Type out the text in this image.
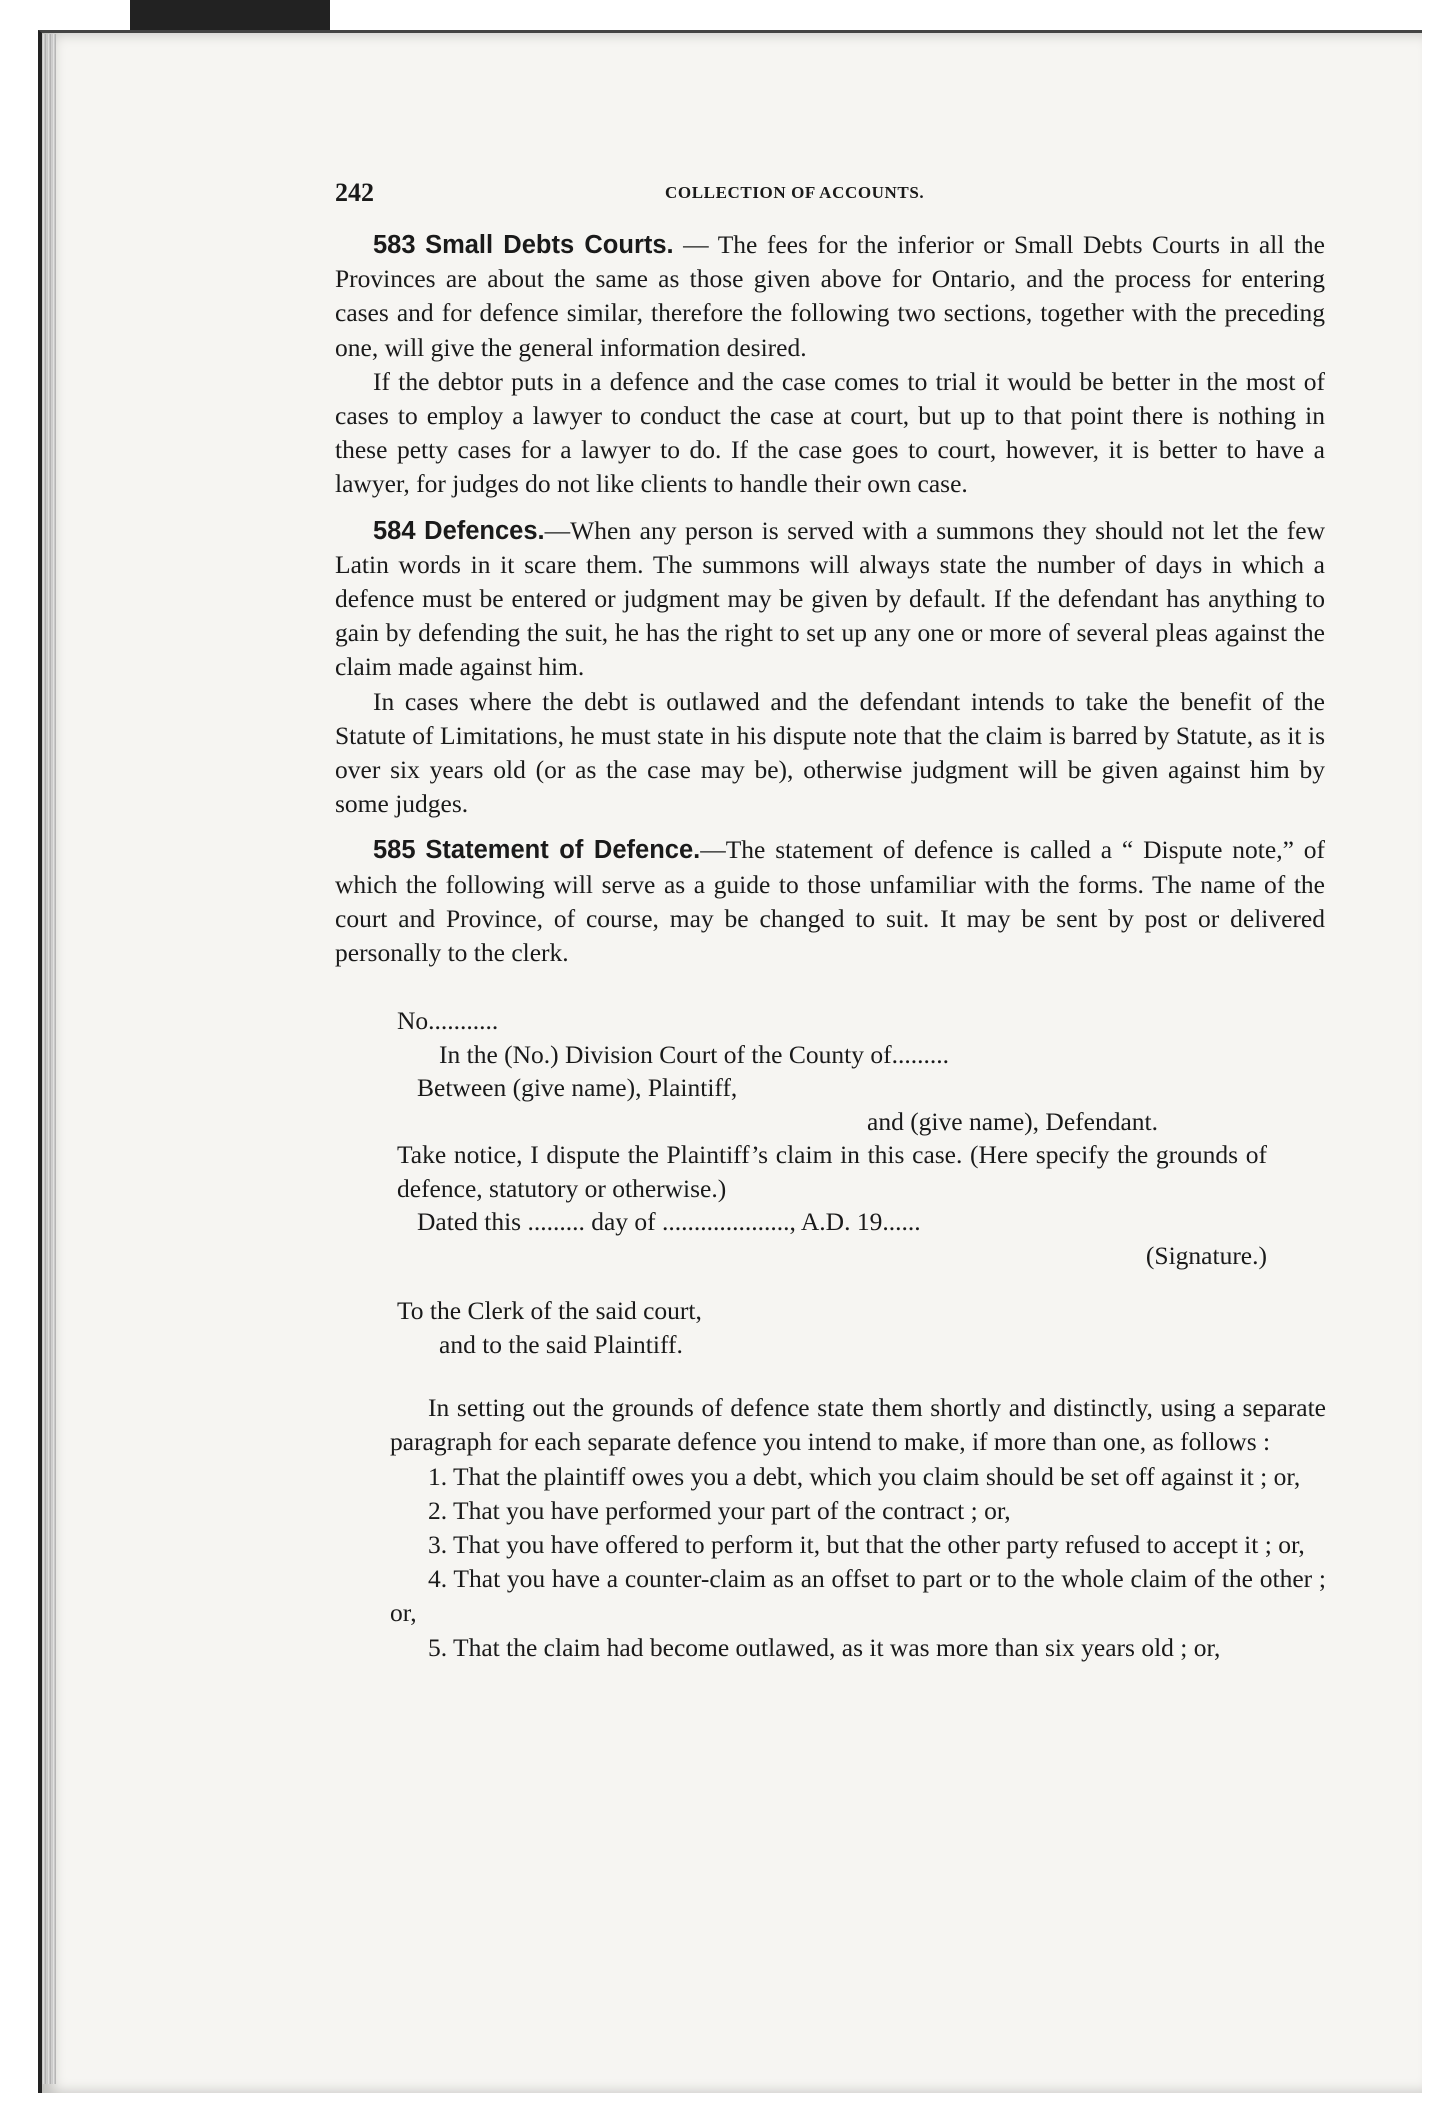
242	COLLECTION OF ACCOUNTS.

583 Small Debts Courts. — The fees for the inferior or Small Debts Courts in all the Provinces are about the same as those given above for Ontario, and the process for entering cases and for defence similar, therefore the following two sections, together with the preceding one, will give the general information desired.

If the debtor puts in a defence and the case comes to trial it would be better in the most of cases to employ a lawyer to conduct the case at court, but up to that point there is nothing in these petty cases for a lawyer to do. If the case goes to court, however, it is better to have a lawyer, for judges do not like clients to handle their own case.

584 Defences.—When any person is served with a summons they should not let the few Latin words in it scare them. The summons will always state the number of days in which a defence must be entered or judgment may be given by default. If the defendant has anything to gain by defending the suit, he has the right to set up any one or more of several pleas against the claim made against him.

In cases where the debt is outlawed and the defendant intends to take the benefit of the Statute of Limitations, he must state in his dispute note that the claim is barred by Statute, as it is over six years old (or as the case may be), otherwise judgment will be given against him by some judges.

585 Statement of Defence.—The statement of defence is called a “ Dispute note,” of which the following will serve as a guide to those unfamiliar with the forms. The name of the court and Province, of course, may be changed to suit. It may be sent by post or delivered personally to the clerk.

No...........
In the (No.) Division Court of the County of.........
Between (give name), Plaintiff,
and (give name), Defendant.
Take notice, I dispute the Plaintiff’s claim in this case. (Here specify the grounds of defence, statutory or otherwise.)
Dated this ......... day of ...................., A.D. 19......
(Signature.)
To the Clerk of the said court,
and to the said Plaintiff.

In setting out the grounds of defence state them shortly and distinctly, using a separate paragraph for each separate defence you intend to make, if more than one, as follows :

1. That the plaintiff owes you a debt, which you claim should be set off against it ; or,

2. That you have performed your part of the contract ; or,

3. That you have offered to perform it, but that the other party refused to accept it ; or,

4. That you have a counter-claim as an offset to part or to the whole claim of the other ; or,

5. That the claim had become outlawed, as it was more than six years old ; or,
